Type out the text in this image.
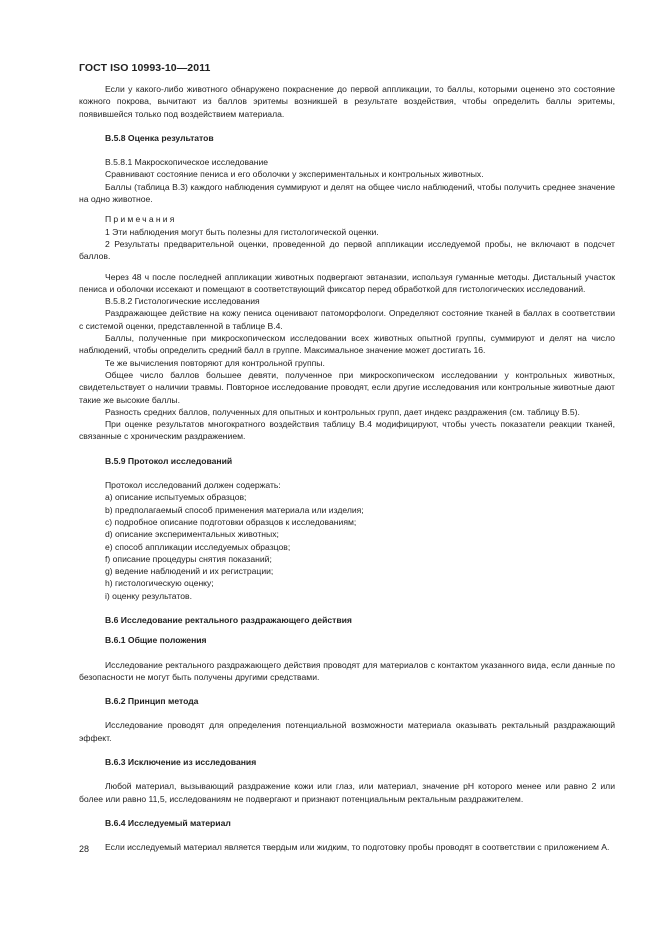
ГОСТ ISO 10993-10—2011

Если у какого-либо животного обнаружено покраснение до первой аппликации, то баллы, которыми оценено это состояние кожного покрова, вычитают из баллов эритемы возникшей в результате воздействия, чтобы определить баллы эритемы, появившейся только под воздействием материала.

В.5.8 Оценка результатов

В.5.8.1 Макроскопическое исследование

Сравнивают состояние пениса и его оболочки у экспериментальных и контрольных животных.

Баллы (таблица В.3) каждого наблюдения суммируют и делят на общее число наблюдений, чтобы получить среднее значение на одно животное.

Примечания

1 Эти наблюдения могут быть полезны для гистологической оценки.

2 Результаты предварительной оценки, проведенной до первой аппликации исследуемой пробы, не включают в подсчет баллов.

Через 48 ч после последней аппликации животных подвергают эвтаназии, используя гуманные методы. Дистальный участок пениса и оболочки иссекают и помещают в соответствующий фиксатор перед обработкой для гистологических исследований.

В.5.8.2 Гистологические исследования

Раздражающее действие на кожу пениса оценивают патоморфологи. Определяют состояние тканей в баллах в соответствии с системой оценки, представленной в таблице В.4.

Баллы, полученные при микроскопическом исследовании всех животных опытной группы, суммируют и делят на число наблюдений, чтобы определить средний балл в группе. Максимальное значение может достигать 16.

Те же вычисления повторяют для контрольной группы.

Общее число баллов большее девяти, полученное при микроскопическом исследовании у контрольных животных, свидетельствует о наличии травмы. Повторное исследование проводят, если другие исследования или контрольные животные дают такие же высокие баллы.

Разность средних баллов, полученных для опытных и контрольных групп, дает индекс раздражения (см. таблицу В.5).

При оценке результатов многократного воздействия таблицу В.4 модифицируют, чтобы учесть показатели реакции тканей, связанные с хроническим раздражением.

В.5.9 Протокол исследований

Протокол исследований должен содержать:

a) описание испытуемых образцов;

b) предполагаемый способ применения материала или изделия;

c) подробное описание подготовки образцов к исследованиям;

d) описание экспериментальных животных;

e) способ аппликации исследуемых образцов;

f) описание процедуры снятия показаний;

g) ведение наблюдений и их регистрации;

h) гистологическую оценку;

i) оценку результатов.

В.6 Исследование ректального раздражающего действия

В.6.1 Общие положения

Исследование ректального раздражающего действия проводят для материалов с контактом указанного вида, если данные по безопасности не могут быть получены другими средствами.

В.6.2 Принцип метода

Исследование проводят для определения потенциальной возможности материала оказывать ректальный раздражающий эффект.

В.6.3 Исключение из исследования

Любой материал, вызывающий раздражение кожи или глаз, или материал, значение pH которого менее или равно 2 или более или равно 11,5, исследованиям не подвергают и признают потенциальным ректальным раздражителем.

В.6.4 Исследуемый материал

Если исследуемый материал является твердым или жидким, то подготовку пробы проводят в соответствии с приложением А.

28
